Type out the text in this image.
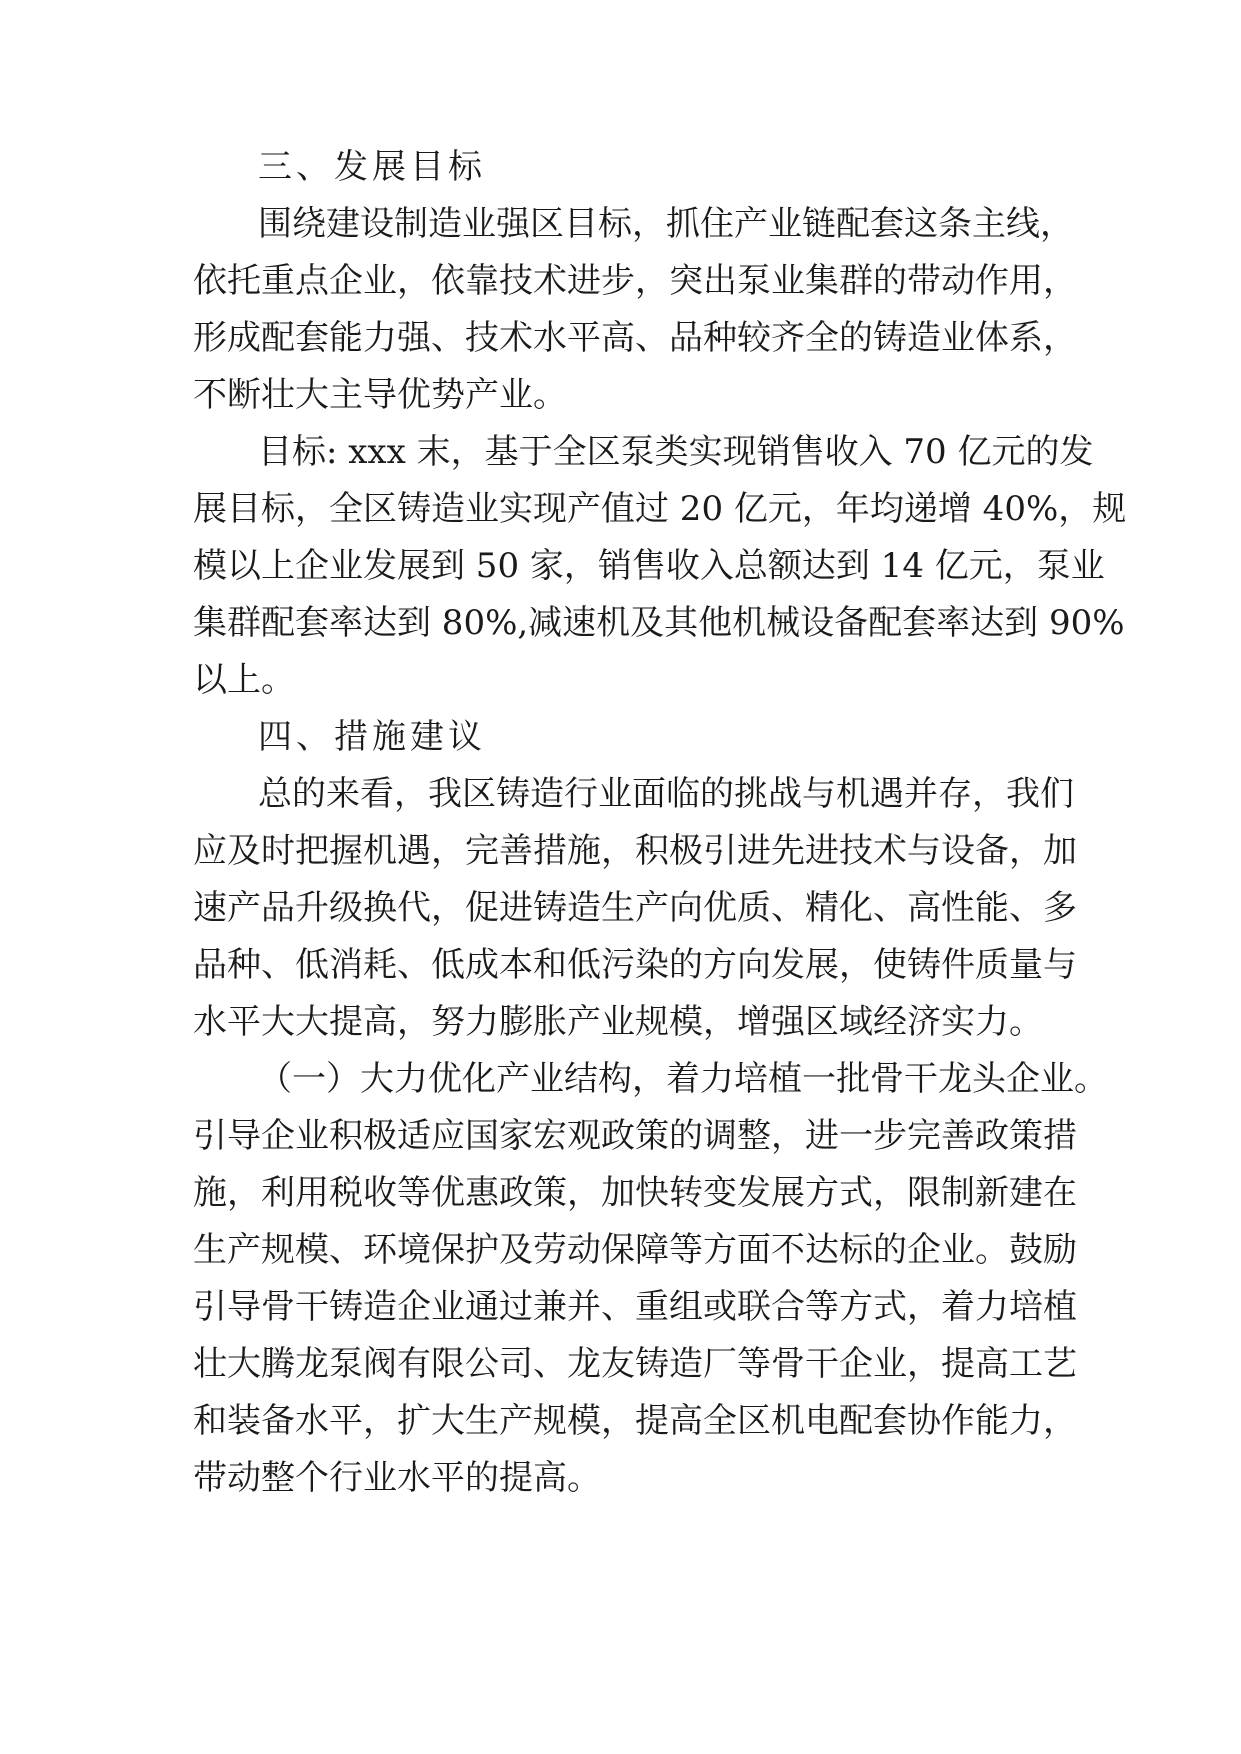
三、发展目标
围绕建设制造业强区目标，抓住产业链配套这条主线，
依托重点企业，依靠技术进步，突出泵业集群的带动作用，
形成配套能力强、技术水平高、品种较齐全的铸造业体系，
不断壮大主导优势产业。
目标: xxx 末，基于全区泵类实现销售收入 70 亿元的发
展目标，全区铸造业实现产值过 20 亿元，年均递增 40%，规
模以上企业发展到 50 家，销售收入总额达到 14 亿元，泵业
集群配套率达到 80%,减速机及其他机械设备配套率达到 90%
以上。
四、措施建议
总的来看，我区铸造行业面临的挑战与机遇并存，我们
应及时把握机遇，完善措施，积极引进先进技术与设备，加
速产品升级换代，促进铸造生产向优质、精化、高性能、多
品种、低消耗、低成本和低污染的方向发展，使铸件质量与
水平大大提高，努力膨胀产业规模，增强区域经济实力。
（一）大力优化产业结构，着力培植一批骨干龙头企业。
引导企业积极适应国家宏观政策的调整，进一步完善政策措
施，利用税收等优惠政策，加快转变发展方式，限制新建在
生产规模、环境保护及劳动保障等方面不达标的企业。鼓励
引导骨干铸造企业通过兼并、重组或联合等方式，着力培植
壮大腾龙泵阀有限公司、龙友铸造厂等骨干企业，提高工艺
和装备水平，扩大生产规模，提高全区机电配套协作能力，
带动整个行业水平的提高。
